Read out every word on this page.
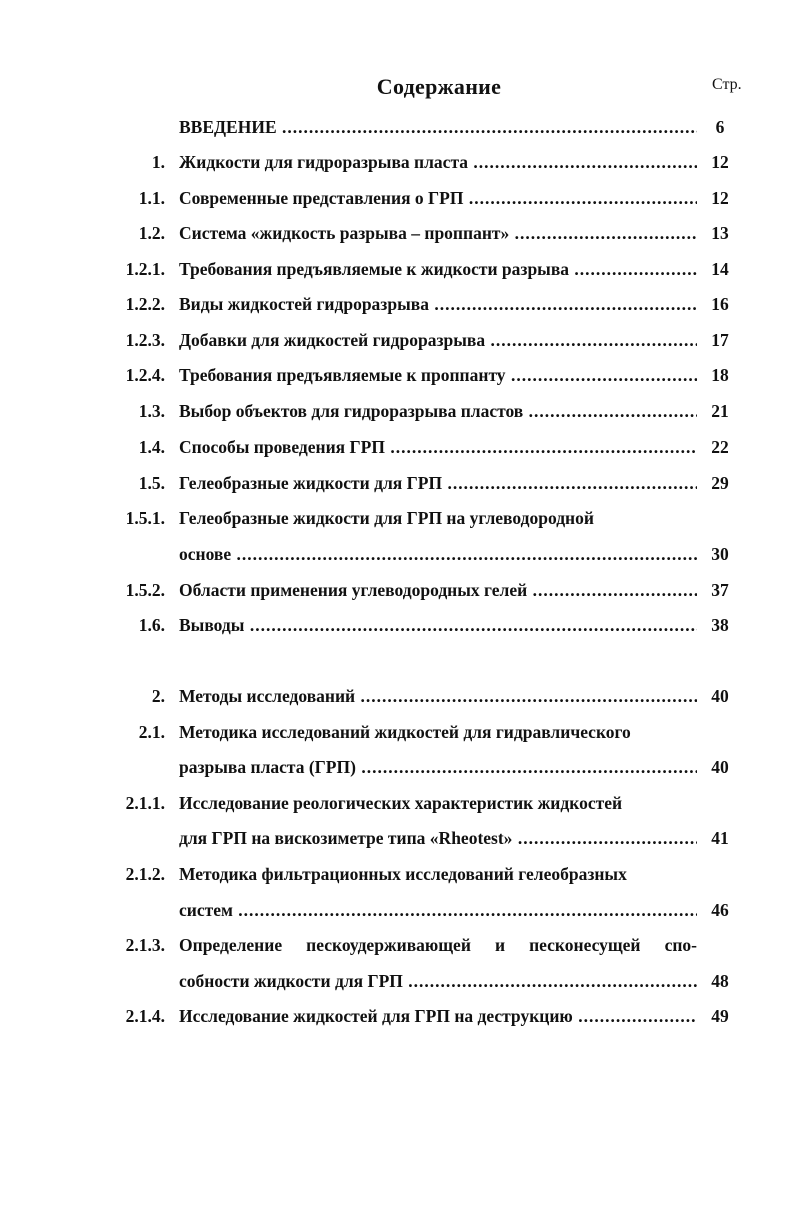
Содержание	Стр.
ВВЕДЕНИЕ .....	6
1. Жидкости для гидроразрыва пласта .....	12
1.1. Современные представления о ГРП .....	12
1.2. Система «жидкость разрыва – проппант» .....	13
1.2.1. Требования предъявляемые к жидкости разрыва .....	14
1.2.2. Виды жидкостей гидроразрыва .....	16
1.2.3. Добавки для жидкостей гидроразрыва .....	17
1.2.4. Требования предъявляемые к проппанту .....	18
1.3. Выбор объектов для гидроразрыва пластов .....	21
1.4. Способы проведения ГРП .....	22
1.5. Гелеобразные жидкости для ГРП .....	29
1.5.1. Гелеобразные жидкости для ГРП на углеводородной
основе .....	30
1.5.2. Области применения углеводородных гелей .....	37
1.6. Выводы .....	38
2. Методы исследований .....	40
2.1. Методика исследований жидкостей для гидравлического
разрыва пласта (ГРП) .....	40
2.1.1. Исследование реологических характеристик жидкостей
для ГРП на вискозиметре типа «Rheotest» .....	41
2.1.2. Методика фильтрационных исследований гелеобразных
систем .....	46
2.1.3. Определение пескоудерживающей и песконесущей спо-
собности жидкости для ГРП .....	48
2.1.4. Исследование жидкостей для ГРП на деструкцию .....	49
